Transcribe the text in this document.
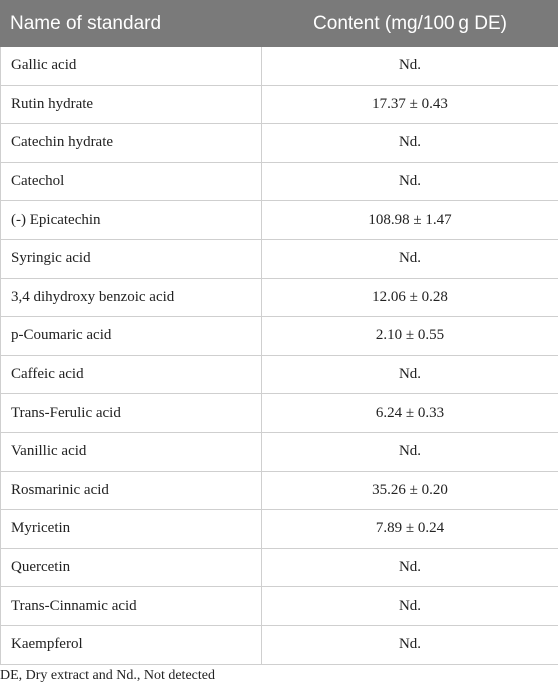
Name of standard	Content (mg/100 g DE)
Gallic acid	Nd.
Rutin hydrate	17.37 ± 0.43
Catechin hydrate	Nd.
Catechol	Nd.
(-) Epicatechin	108.98 ± 1.47
Syringic acid	Nd.
3,4 dihydroxy benzoic acid	12.06 ± 0.28
p-Coumaric acid	2.10 ± 0.55
Caffeic acid	Nd.
Trans-Ferulic acid	6.24 ± 0.33
Vanillic acid	Nd.
Rosmarinic acid	35.26 ± 0.20
Myricetin	7.89 ± 0.24
Quercetin	Nd.
Trans-Cinnamic acid	Nd.
Kaempferol	Nd.
DE, Dry extract and Nd., Not detected
